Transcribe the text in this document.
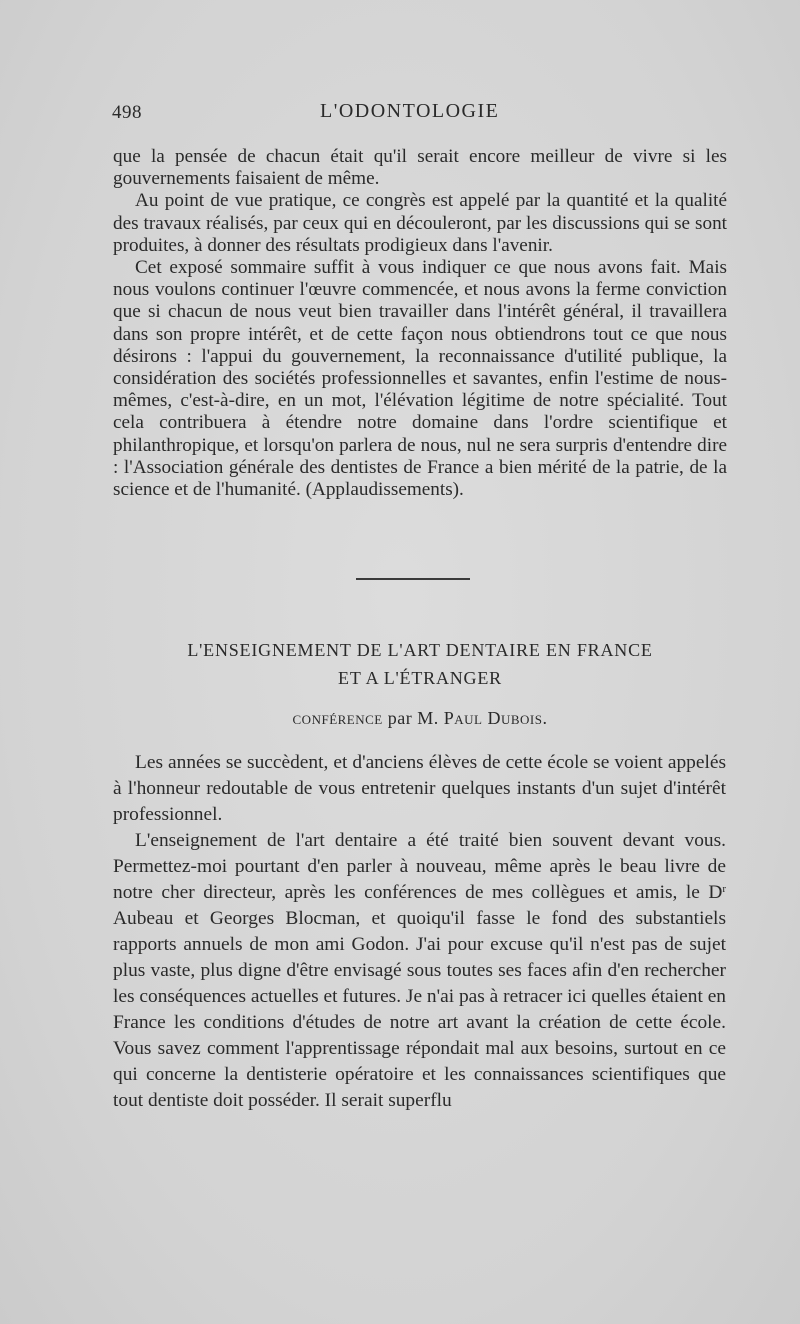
498	L'ODONTOLOGIE

que la pensée de chacun était qu'il serait encore meilleur de vivre si les gouvernements faisaient de même.

Au point de vue pratique, ce congrès est appelé par la quantité et la qualité des travaux réalisés, par ceux qui en découleront, par les discussions qui se sont produites, à donner des résultats prodigieux dans l'avenir.

Cet exposé sommaire suffit à vous indiquer ce que nous avons fait. Mais nous voulons continuer l'œuvre commencée, et nous avons la ferme conviction que si chacun de nous veut bien travailler dans l'intérêt général, il travaillera dans son propre intérêt, et de cette façon nous obtiendrons tout ce que nous désirons : l'appui du gouvernement, la reconnaissance d'utilité publique, la considération des sociétés professionnelles et savantes, enfin l'estime de nous-mêmes, c'est-à-dire, en un mot, l'élévation légitime de notre spécialité. Tout cela contribuera à étendre notre domaine dans l'ordre scientifique et philanthropique, et lorsqu'on parlera de nous, nul ne sera surpris d'entendre dire : l'Association générale des dentistes de France a bien mérité de la patrie, de la science et de l'humanité. (Applaudissements).

L'ENSEIGNEMENT DE L'ART DENTAIRE EN FRANCE
ET A L'ÉTRANGER
conférence par M. Paul Dubois.

Les années se succèdent, et d'anciens élèves de cette école se voient appelés à l'honneur redoutable de vous entretenir quelques instants d'un sujet d'intérêt professionnel.

L'enseignement de l'art dentaire a été traité bien souvent devant vous. Permettez-moi pourtant d'en parler à nouveau, même après le beau livre de notre cher directeur, après les conférences de mes collègues et amis, le $D^r$ Aubeau et Georges Blocman, et quoiqu'il fasse le fond des substantiels rapports annuels de mon ami Godon. J'ai pour excuse qu'il n'est pas de sujet plus vaste, plus digne d'être envisagé sous toutes ses faces afin d'en rechercher les conséquences actuelles et futures. Je n'ai pas à retracer ici quelles étaient en France les conditions d'études de notre art avant la création de cette école. Vous savez comment l'apprentissage répondait mal aux besoins, surtout en ce qui concerne la dentisterie opératoire et les connaissances scientifiques que tout dentiste doit posséder. Il serait superflu
